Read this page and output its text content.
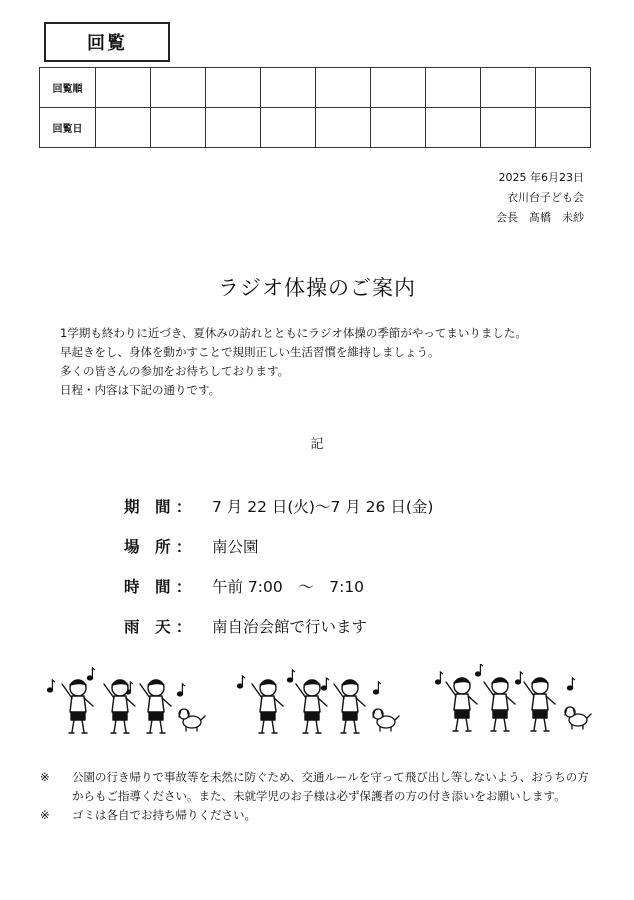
回覧
回覧順									
回覧日									
2025 年6月23日
衣川台子ども会
会長　髙橋　未紗
ラジオ体操のご案内
1学期も終わりに近づき、夏休みの訪れとともにラジオ体操の季節がやってまいりました。
早起きをし、身体を動かすことで規則正しい生活習慣を維持しましょう。
多くの皆さんの参加をお待ちしております。
日程・内容は下記の通りです。
記
期　間 ：	7 月 22 日(火)～7 月 26 日(金)
場　所 ：	南公園
時　間 ：	午前 7:00　～　7:10
雨　天 ：	南自治会館で行います
※	公園の行き帰りで事故等を未然に防ぐため、交通ルールを守って飛び出し等しないよう、おうちの方からもご指導ください。また、未就学児のお子様は必ず保護者の方の付き添いをお願いします。
※	ゴミは各自でお持ち帰りください。
